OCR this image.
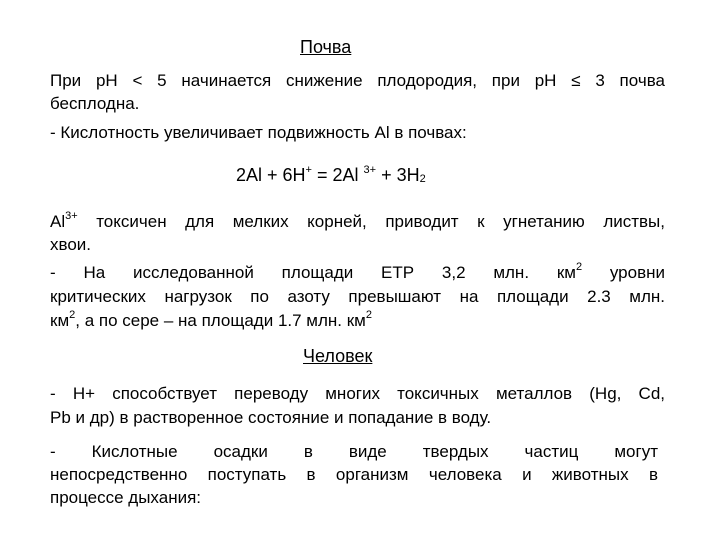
Почва
При pH < 5 начинается снижение плодородия, при pH ≤ 3 почва
бесплодна.
- Кислотность увеличивает подвижность Al в почвах:
2Al + 6H+ = 2Al $^{3+} + 3H_2$
$Al^{3+}$ токсичен для мелких корней, приводит к угнетанию листвы,
хвои.
- На исследованной площади ЕТР 3,2 млн. $км^2$ уровни
критических нагрузок по азоту превышают на площади 2.3 млн.
$км^2$, а по сере – на площади 1.7 млн. $км^2$
Человек
- H+ способствует переводу многих токсичных металлов (Hg, Cd,
Pb и др) в растворенное состояние и попадание в воду.
- Кислотные осадки в виде твердых частиц могут
непосредственно поступать в организм человека и животных в
процессе дыхания:
